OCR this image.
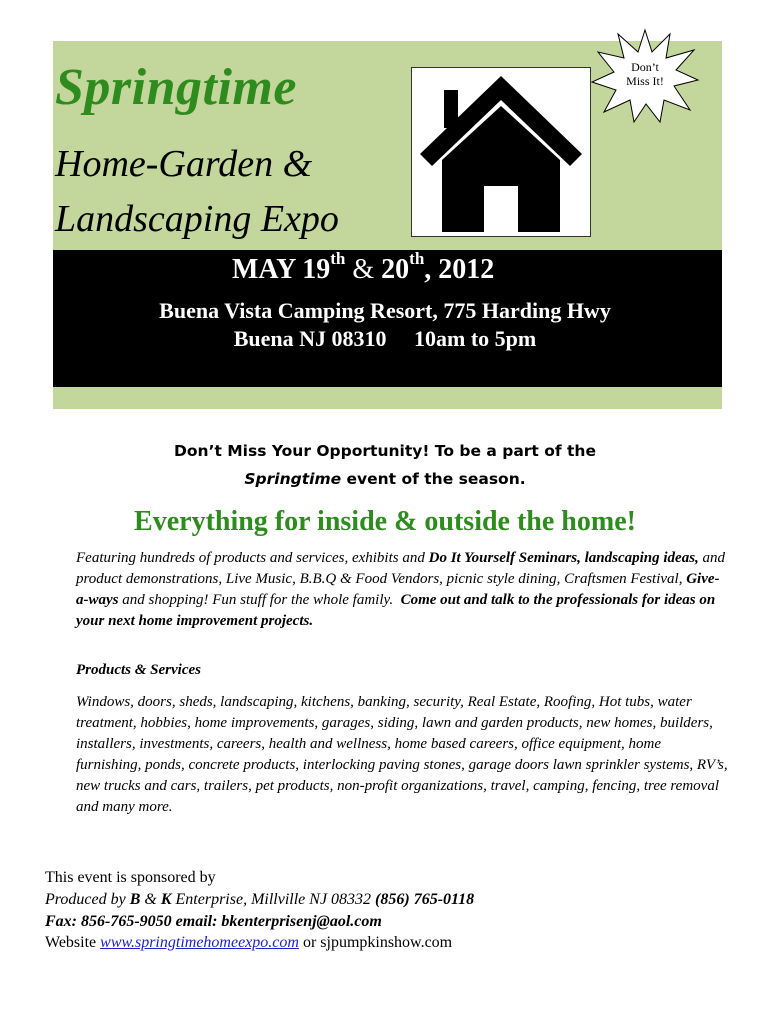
Springtime
Home-Garden &
Landscaping Expo
Don’t
Miss It!
MAY 19th & 20th, 2012
Buena Vista Camping Resort, 775 Harding Hwy
Buena NJ 08310     10am to 5pm
Don’t Miss Your Opportunity! To be a part of the
Springtime event of the season.
Everything for inside & outside the home!
Featuring hundreds of products and services, exhibits and Do It Yourself Seminars, landscaping ideas, and product demonstrations, Live Music, B.B.Q & Food Vendors, picnic style dining, Craftsmen Festival, Give-a-ways and shopping! Fun stuff for the whole family.  Come out and talk to the professionals for ideas on your next home improvement projects.
Products & Services
Windows, doors, sheds, landscaping, kitchens, banking, security, Real Estate, Roofing, Hot tubs, water treatment, hobbies, home improvements, garages, siding, lawn and garden products, new homes, builders, installers, investments, careers, health and wellness, home based careers, office equipment, home furnishing, ponds, concrete products, interlocking paving stones, garage doors lawn sprinkler systems, RV’s, new trucks and cars, trailers, pet products, non-profit organizations, travel, camping, fencing, tree removal and many more.
This event is sponsored by
Produced by B & K Enterprise, Millville NJ 08332 (856) 765-0118
Fax: 856-765-9050 email: bkenterprisenj@aol.com
Website www.springtimehomeexpo.com or sjpumpkinshow.com
